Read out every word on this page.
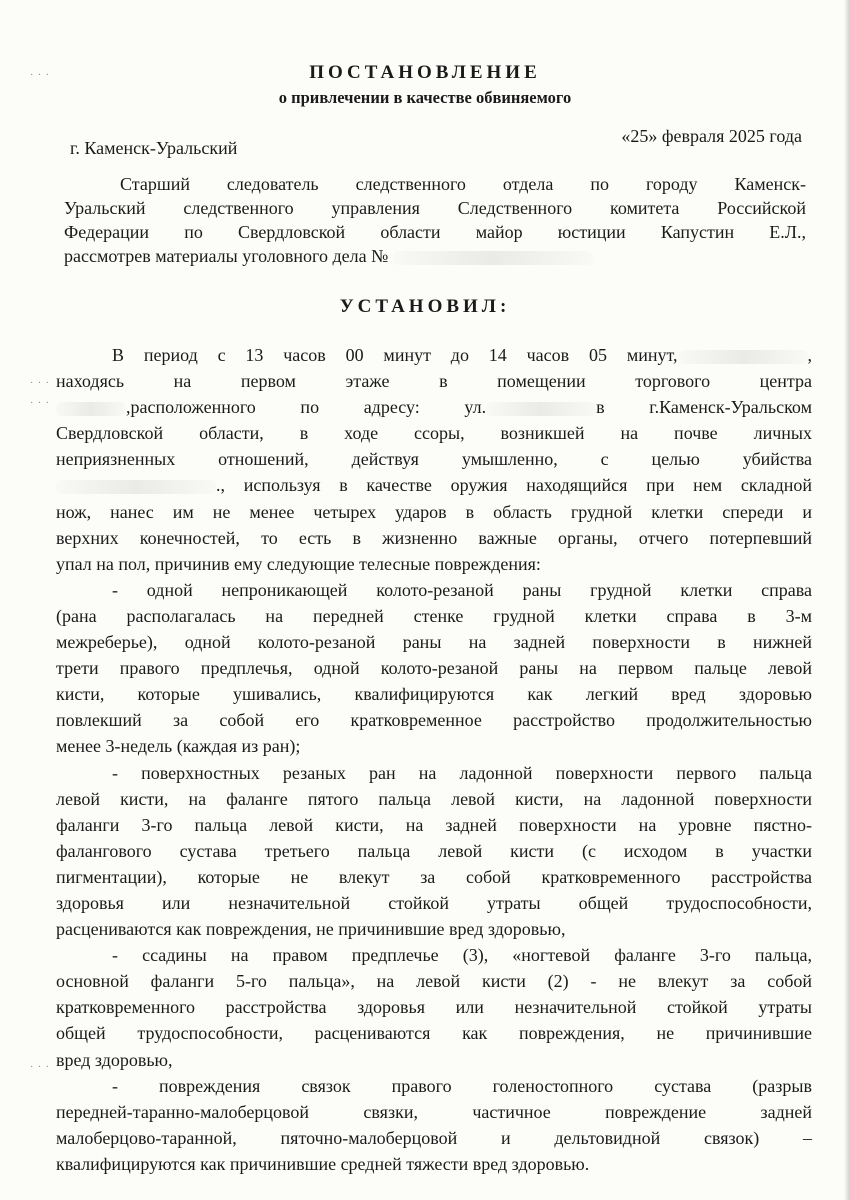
· · ·
· · ·
· · ·
· · ·
ПОСТАНОВЛЕНИЕ
о привлечении в качестве обвиняемого
г. Каменск-Уральский
«25» февраля 2025 года
Старший следователь следственного отдела по городу Каменск-
Уральский следственного управления Следственного комитета Российской
Федерации по Свердловской области майор юстиции Капустин Е.Л.,
рассмотрев материалы уголовного дела №
УСТАНОВИЛ:
В период с 13 часов 00 минут до 14 часов 05 минут,	,
находясь на первом этаже в помещении торгового центра
,расположенного по адресу: ул.	в г.Каменск-Уральском
Свердловской области, в ходе ссоры, возникшей на почве личных
неприязненных отношений, действуя умышленно, с целью убийства
., используя в качестве оружия находящийся при нем складной
нож, нанес им не менее четырех ударов в область грудной клетки спереди и
верхних конечностей, то есть в жизненно важные органы, отчего потерпевший
упал на пол, причинив ему следующие телесные повреждения:
- одной непроникающей колото-резаной раны грудной клетки справа
(рана располагалась на передней стенке грудной клетки справа в 3-м
межреберье), одной колото-резаной раны на задней поверхности в нижней
трети правого предплечья, одной колото-резаной раны на первом пальце левой
кисти, которые ушивались, квалифицируются как легкий вред здоровью
повлекший за собой его кратковременное расстройство продолжительностью
менее 3-недель (каждая из ран);
- поверхностных резаных ран на ладонной поверхности первого пальца
левой кисти, на фаланге пятого пальца левой кисти, на ладонной поверхности
фаланги 3-го пальца левой кисти, на задней поверхности на уровне пястно-
фалангового сустава третьего пальца левой кисти (с исходом в участки
пигментации), которые не влекут за собой кратковременного расстройства
здоровья или незначительной стойкой утраты общей трудоспособности,
расцениваются как повреждения, не причинившие вред здоровью,
- ссадины на правом предплечье (3), «ногтевой фаланге 3-го пальца,
основной фаланги 5-го пальца», на левой кисти (2) - не влекут за собой
кратковременного расстройства здоровья или незначительной стойкой утраты
общей трудоспособности, расцениваются как повреждения, не причинившие
вред здоровью,
- повреждения связок правого голеностопного сустава (разрыв
передней-таранно-малоберцовой связки, частичное повреждение задней
малоберцово-таранной, пяточно-малоберцовой и дельтовидной связок) –
квалифицируются как причинившие средней тяжести вред здоровью.
